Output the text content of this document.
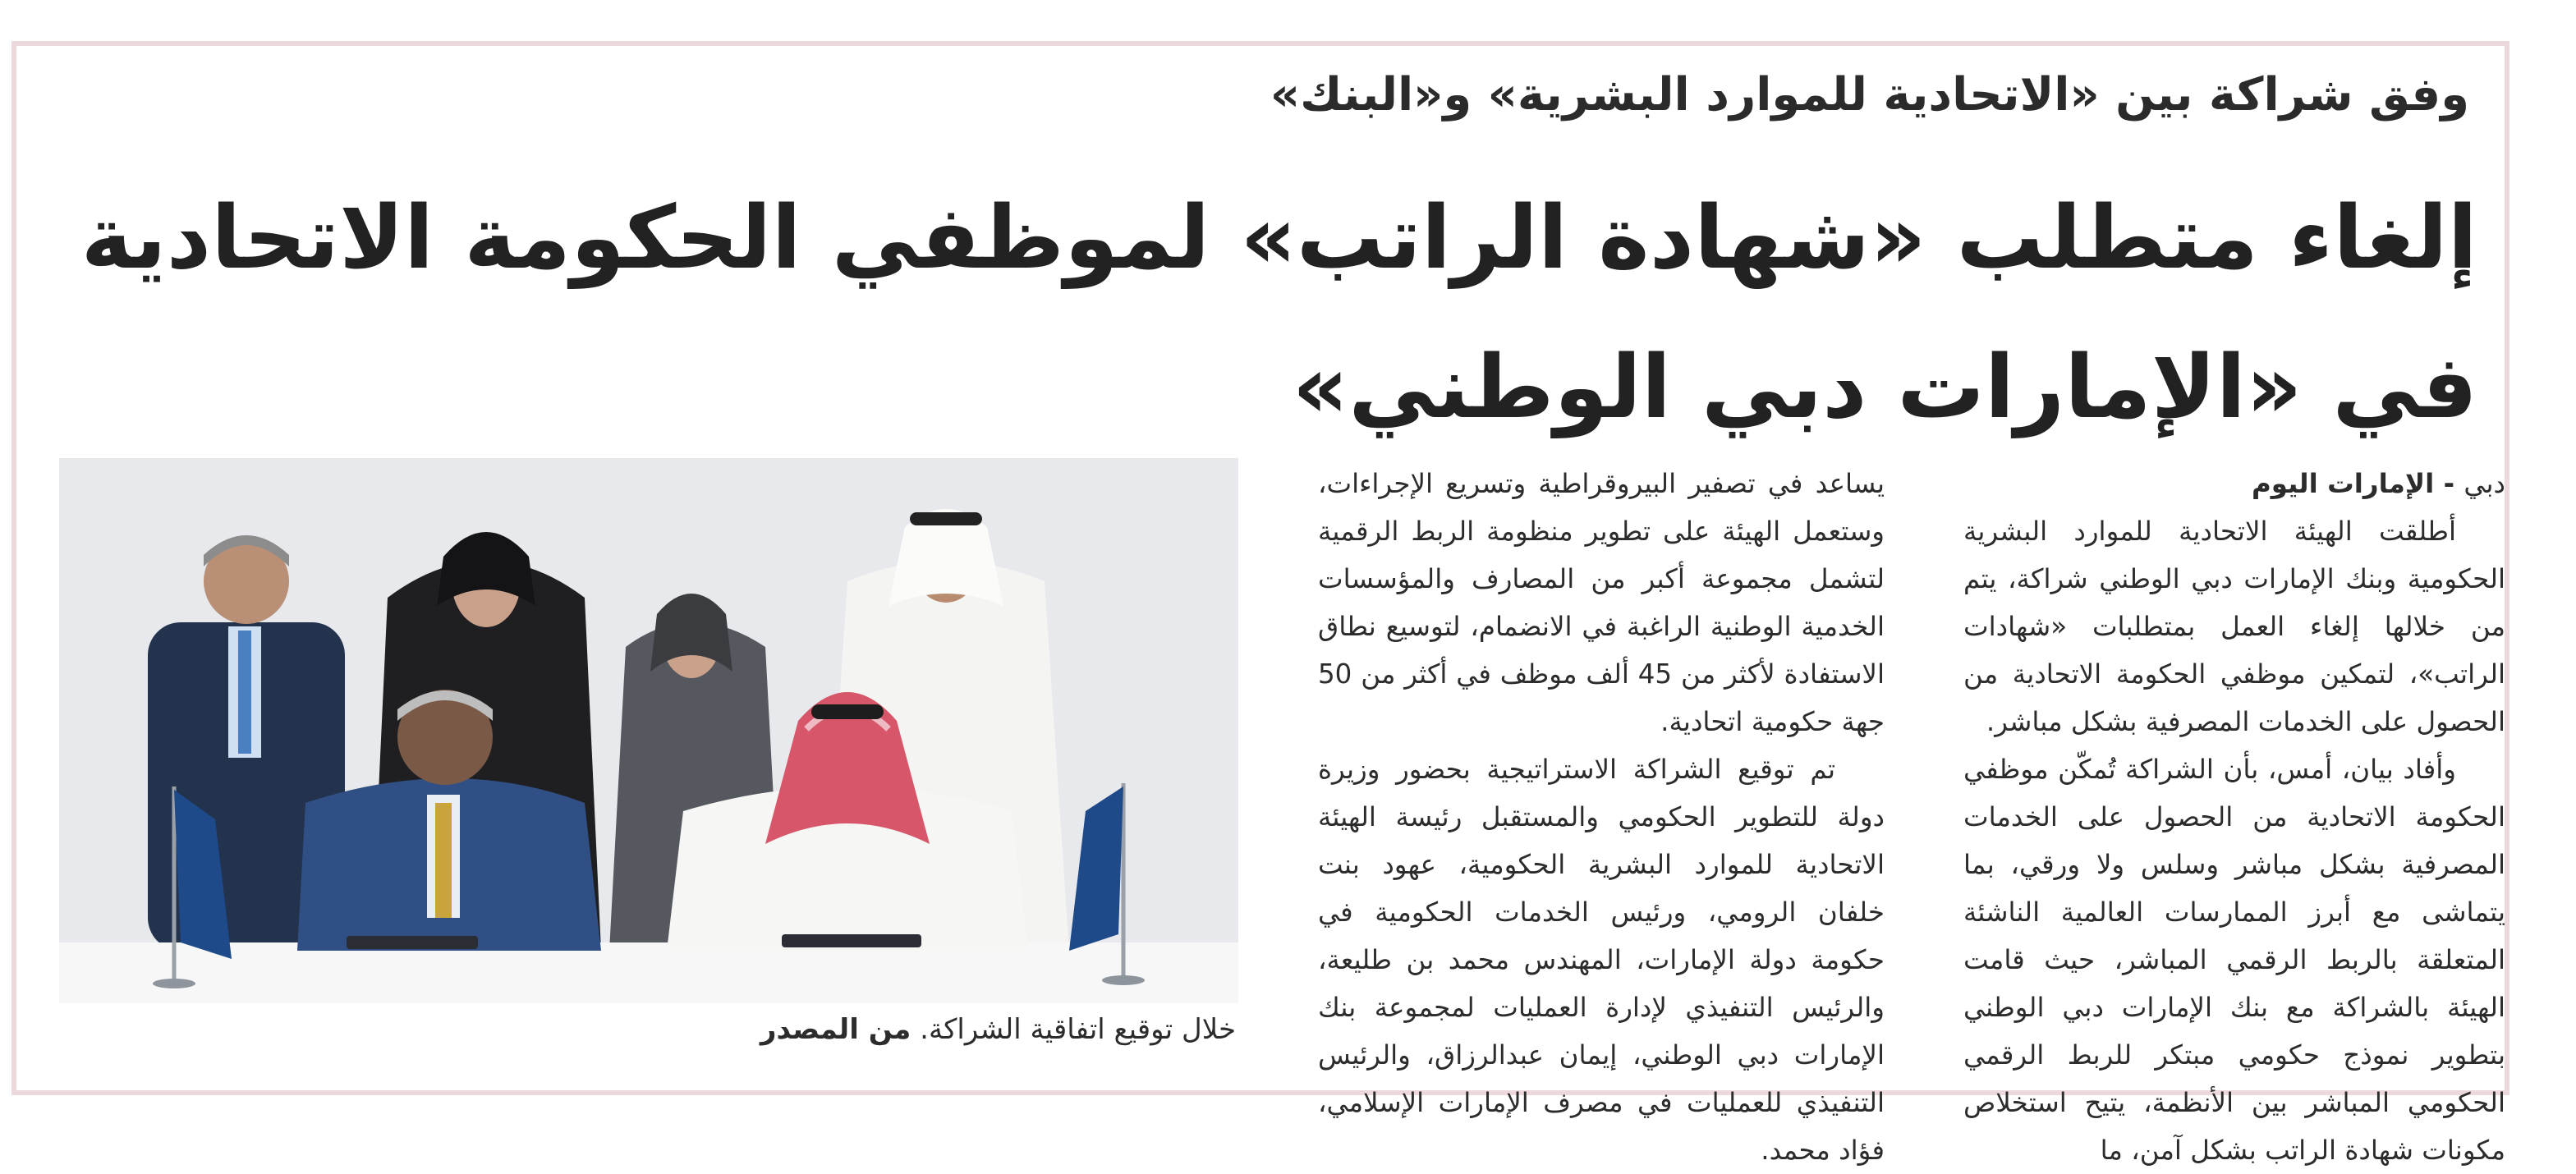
وفق شراكة بين «الاتحادية للموارد البشرية» و«البنك»
إلغاء متطلب «شهادة الراتب» لموظفي الحكومة الاتحادية
في «الإمارات دبي الوطني»

دبي - الإمارات اليوم

أطلقت الهيئة الاتحادية للموارد البشرية الحكومية وبنك الإمارات دبي الوطني شراكة، يتم من خلالها إلغاء العمل بمتطلبات «شهادات الراتب»، لتمكين موظفي الحكومة الاتحادية من الحصول على الخدمات المصرفية بشكل مباشر.

وأفاد بيان، أمس، بأن الشراكة تُمكّن موظفي الحكومة الاتحادية من الحصول على الخدمات المصرفية بشكل مباشر وسلس ولا ورقي، بما يتماشى مع أبرز الممارسات العالمية الناشئة المتعلقة بالربط الرقمي المباشر، حيث قامت الهيئة بالشراكة مع بنك الإمارات دبي الوطني بتطوير نموذج حكومي مبتكر للربط الرقمي الحكومي المباشر بين الأنظمة، يتيح استخلاص مكونات شهادة الراتب بشكل آمن، ما

يساعد في تصفير البيروقراطية وتسريع الإجراءات، وستعمل الهيئة على تطوير منظومة الربط الرقمية لتشمل مجموعة أكبر من المصارف والمؤسسات الخدمية الوطنية الراغبة في الانضمام، لتوسيع نطاق الاستفادة لأكثر من 45 ألف موظف في أكثر من 50 جهة حكومية اتحادية.

تم توقيع الشراكة الاستراتيجية بحضور وزيرة دولة للتطوير الحكومي والمستقبل رئيسة الهيئة الاتحادية للموارد البشرية الحكومية، عهود بنت خلفان الرومي، ورئيس الخدمات الحكومية في حكومة دولة الإمارات، المهندس محمد بن طليعة، والرئيس التنفيذي لإدارة العمليات لمجموعة بنك الإمارات دبي الوطني، إيمان عبدالرزاق، والرئيس التنفيذي للعمليات في مصرف الإمارات الإسلامي، فؤاد محمد.

خلال توقيع اتفاقية الشراكة. من المصدر
